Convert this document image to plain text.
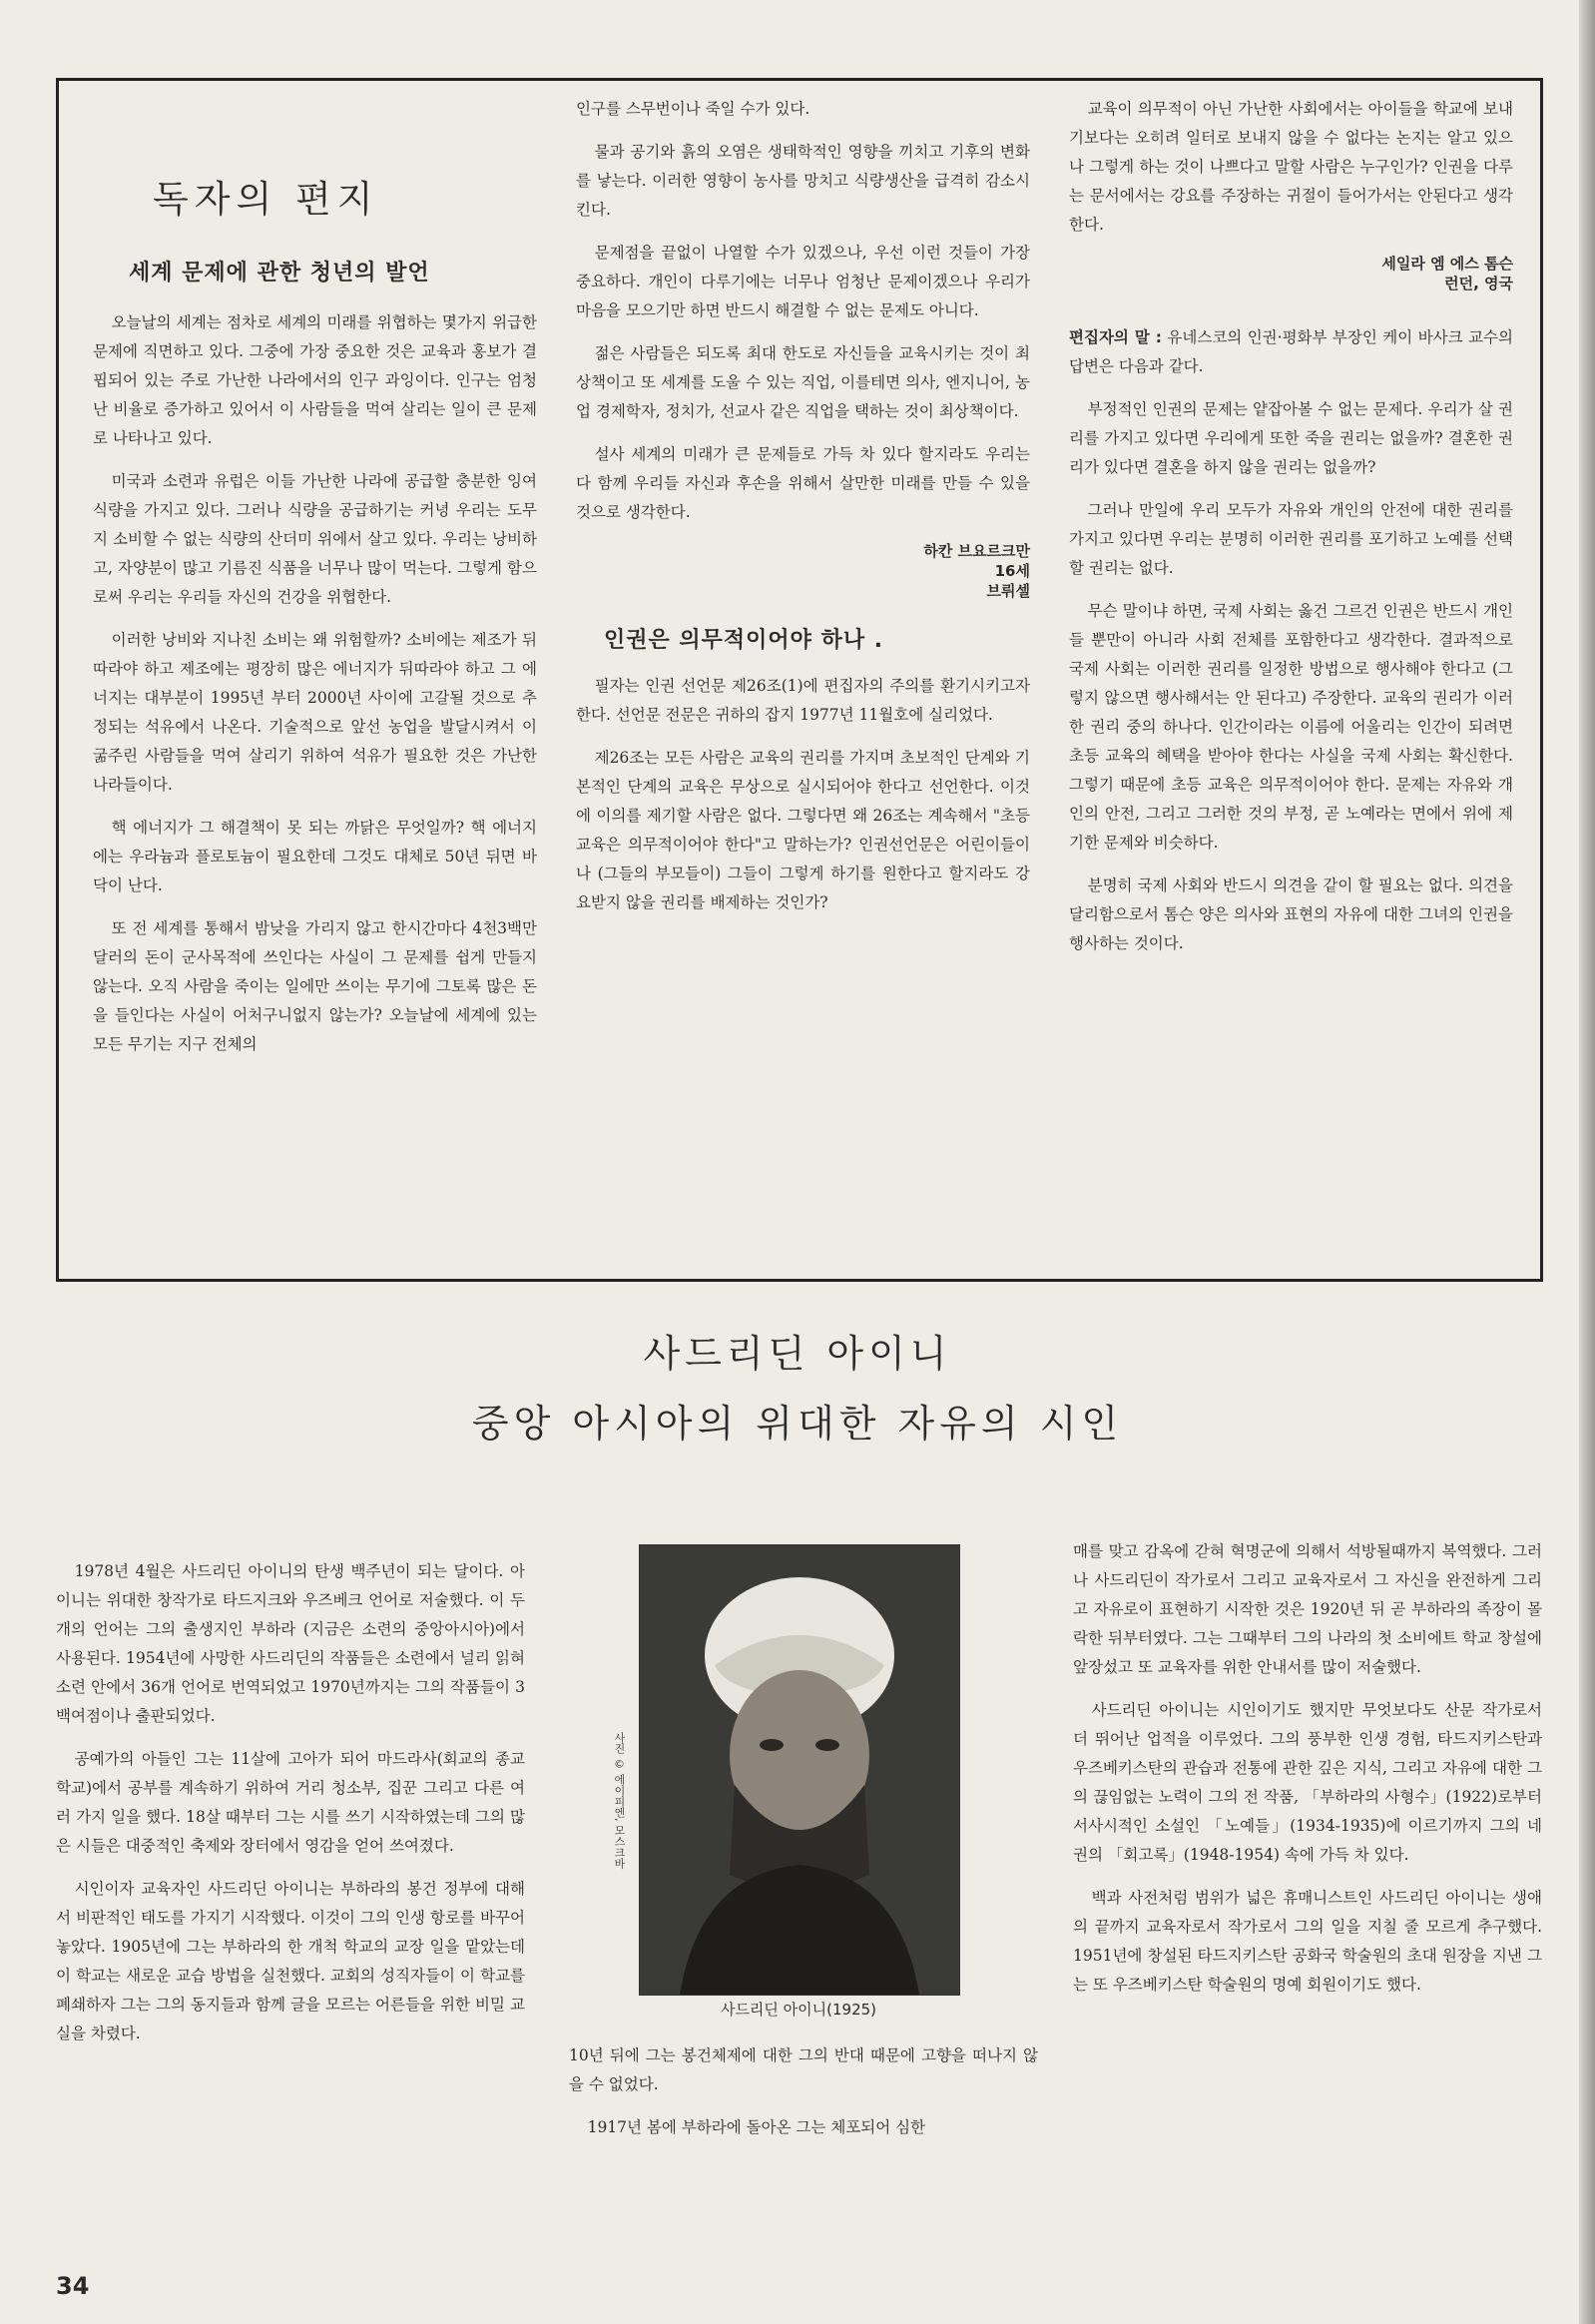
독자의 편지
세계 문제에 관한 청년의 발언

오늘날의 세계는 점차로 세계의 미래를 위협하는 몇가지 위급한 문제에 직면하고 있다. 그중에 가장 중요한 것은 교육과 홍보가 결핍되어 있는 주로 가난한 나라에서의 인구 과잉이다. 인구는 엄청난 비율로 증가하고 있어서 이 사람들을 먹여 살리는 일이 큰 문제로 나타나고 있다.

미국과 소련과 유럽은 이들 가난한 나라에 공급할 충분한 잉여 식량을 가지고 있다. 그러나 식량을 공급하기는 커녕 우리는 도무지 소비할 수 없는 식량의 산더미 위에서 살고 있다. 우리는 낭비하고, 자양분이 많고 기름진 식품을 너무나 많이 먹는다. 그렇게 함으로써 우리는 우리들 자신의 건강을 위협한다.

이러한 낭비와 지나친 소비는 왜 위험할까? 소비에는 제조가 뒤따라야 하고 제조에는 평장히 많은 에너지가 뒤따라야 하고 그 에너지는 대부분이 1995년 부터 2000년 사이에 고갈될 것으로 추정되는 석유에서 나온다. 기술적으로 앞선 농업을 발달시켜서 이 굶주린 사람들을 먹여 살리기 위하여 석유가 필요한 것은 가난한 나라들이다.

핵 에너지가 그 해결책이 못 되는 까닭은 무엇일까? 핵 에너지에는 우라늄과 플로토늄이 필요한데 그것도 대체로 50년 뒤면 바닥이 난다.

또 전 세계를 통해서 밤낮을 가리지 않고 한시간마다 4천3백만 달러의 돈이 군사목적에 쓰인다는 사실이 그 문제를 쉽게 만들지 않는다. 오직 사람을 죽이는 일에만 쓰이는 무기에 그토록 많은 돈을 들인다는 사실이 어처구니없지 않는가? 오늘날에 세계에 있는 모든 무기는 지구 전체의

인구를 스무번이나 죽일 수가 있다.

물과 공기와 흙의 오염은 생태학적인 영향을 끼치고 기후의 변화를 낳는다. 이러한 영향이 농사를 망치고 식량생산을 급격히 감소시킨다.

문제점을 끝없이 나열할 수가 있겠으나, 우선 이런 것들이 가장 중요하다. 개인이 다루기에는 너무나 엄청난 문제이겠으나 우리가 마음을 모으기만 하면 반드시 해결할 수 없는 문제도 아니다.

젊은 사람들은 되도록 최대 한도로 자신들을 교육시키는 것이 최상책이고 또 세계를 도울 수 있는 직업, 이를테면 의사, 엔지니어, 농업 경제학자, 정치가, 선교사 같은 직업을 택하는 것이 최상책이다.

설사 세계의 미래가 큰 문제들로 가득 차 있다 할지라도 우리는 다 함께 우리들 자신과 후손을 위해서 살만한 미래를 만들 수 있을 것으로 생각한다.

하칸 브요르크만
16세
브뤼셀
인권은 의무적이어야 하나 .

필자는 인권 선언문 제26조(1)에 편집자의 주의를 환기시키고자 한다. 선언문 전문은 귀하의 잡지 1977년 11월호에 실리었다.

제26조는 모든 사람은 교육의 권리를 가지며 초보적인 단계와 기본적인 단계의 교육은 무상으로 실시되어야 한다고 선언한다. 이것에 이의를 제기할 사람은 없다. 그렇다면 왜 26조는 계속해서 "초등 교육은 의무적이어야 한다"고 말하는가? 인권선언문은 어린이들이나 (그들의 부모들이) 그들이 그렇게 하기를 원한다고 할지라도 강요받지 않을 권리를 배제하는 것인가?

교육이 의무적이 아닌 가난한 사회에서는 아이들을 학교에 보내기보다는 오히려 일터로 보내지 않을 수 없다는 논지는 알고 있으나 그렇게 하는 것이 나쁘다고 말할 사람은 누구인가? 인권을 다루는 문서에서는 강요를 주장하는 귀절이 들어가서는 안된다고 생각한다.

세일라 엠 에스 톰슨
런던, 영국

편집자의 말 : 유네스코의 인권·평화부 부장인 케이 바사크 교수의 답변은 다음과 같다.

부정적인 인권의 문제는 얕잡아볼 수 없는 문제다. 우리가 살 권리를 가지고 있다면 우리에게 또한 죽을 권리는 없을까? 결혼한 권리가 있다면 결혼을 하지 않을 권리는 없을까?

그러나 만일에 우리 모두가 자유와 개인의 안전에 대한 권리를 가지고 있다면 우리는 분명히 이러한 권리를 포기하고 노예를 선택할 권리는 없다.

무슨 말이냐 하면, 국제 사회는 옳건 그르건 인권은 반드시 개인들 뿐만이 아니라 사회 전체를 포함한다고 생각한다. 결과적으로 국제 사회는 이러한 권리를 일정한 방법으로 행사해야 한다고 (그렇지 않으면 행사해서는 안 된다고) 주장한다. 교육의 권리가 이러한 권리 중의 하나다. 인간이라는 이름에 어울리는 인간이 되려면 초등 교육의 혜택을 받아야 한다는 사실을 국제 사회는 확신한다. 그렇기 때문에 초등 교육은 의무적이어야 한다. 문제는 자유와 개인의 안전, 그리고 그러한 것의 부정, 곧 노예라는 면에서 위에 제기한 문제와 비슷하다.

분명히 국제 사회와 반드시 의견을 같이 할 필요는 없다. 의견을 달리함으로서 톰슨 양은 의사와 표현의 자유에 대한 그녀의 인권을 행사하는 것이다.

사드리딘 아이니
중앙 아시아의 위대한 자유의 시인

1978년 4월은 사드리딘 아이니의 탄생 백주년이 되는 달이다. 아이니는 위대한 창작가로 타드지크와 우즈베크 언어로 저술했다. 이 두개의 언어는 그의 출생지인 부하라 (지금은 소련의 중앙아시아)에서 사용된다. 1954년에 사망한 사드리딘의 작품들은 소련에서 널리 읽혀 소련 안에서 36개 언어로 번역되었고 1970년까지는 그의 작품들이 3백여점이나 출판되었다.

공예가의 아들인 그는 11살에 고아가 되어 마드라사(회교의 종교 학교)에서 공부를 계속하기 위하여 거리 청소부, 집꾼 그리고 다른 여러 가지 일을 했다. 18살 때부터 그는 시를 쓰기 시작하였는데 그의 많은 시들은 대중적인 축제와 장터에서 영감을 얻어 쓰여졌다.

시인이자 교육자인 사드리딘 아이니는 부하라의 봉건 정부에 대해서 비판적인 태도를 가지기 시작했다. 이것이 그의 인생 항로를 바꾸어 놓았다. 1905년에 그는 부하라의 한 개척 학교의 교장 일을 맡았는데 이 학교는 새로운 교습 방법을 실천했다. 교회의 성직자들이 이 학교를 폐쇄하자 그는 그의 동지들과 함께 글을 모르는 어른들을 위한 비밀 교실을 차렸다.

사진 © 에이피엔, 모스크바
사드리딘 아이니(1925)

10년 뒤에 그는 봉건체제에 대한 그의 반대 때문에 고향을 떠나지 않을 수 없었다.

1917년 봄에 부하라에 돌아온 그는 체포되어 심한

매를 맞고 감옥에 갇혀 혁명군에 의해서 석방될때까지 복역했다. 그러나 사드리딘이 작가로서 그리고 교육자로서 그 자신을 완전하게 그리고 자유로이 표현하기 시작한 것은 1920년 뒤 곧 부하라의 족장이 몰락한 뒤부터였다. 그는 그때부터 그의 나라의 첫 소비에트 학교 창설에 앞장섰고 또 교육자를 위한 안내서를 많이 저술했다.

사드리딘 아이니는 시인이기도 했지만 무엇보다도 산문 작가로서 더 뛰어난 업적을 이루었다. 그의 풍부한 인생 경험, 타드지키스탄과 우즈베키스탄의 관습과 전통에 관한 깊은 지식, 그리고 자유에 대한 그의 끊임없는 노력이 그의 전 작품, 「부하라의 사형수」(1922)로부터 서사시적인 소설인 「노예들」(1934-1935)에 이르기까지 그의 네 권의 「회고록」(1948-1954) 속에 가득 차 있다.

백과 사전처럼 범위가 넓은 휴매니스트인 사드리딘 아이니는 생애의 끝까지 교육자로서 작가로서 그의 일을 지칠 줄 모르게 추구했다. 1951년에 창설된 타드지키스탄 공화국 학술원의 초대 원장을 지낸 그는 또 우즈베키스탄 학술원의 명예 회원이기도 했다.

34
